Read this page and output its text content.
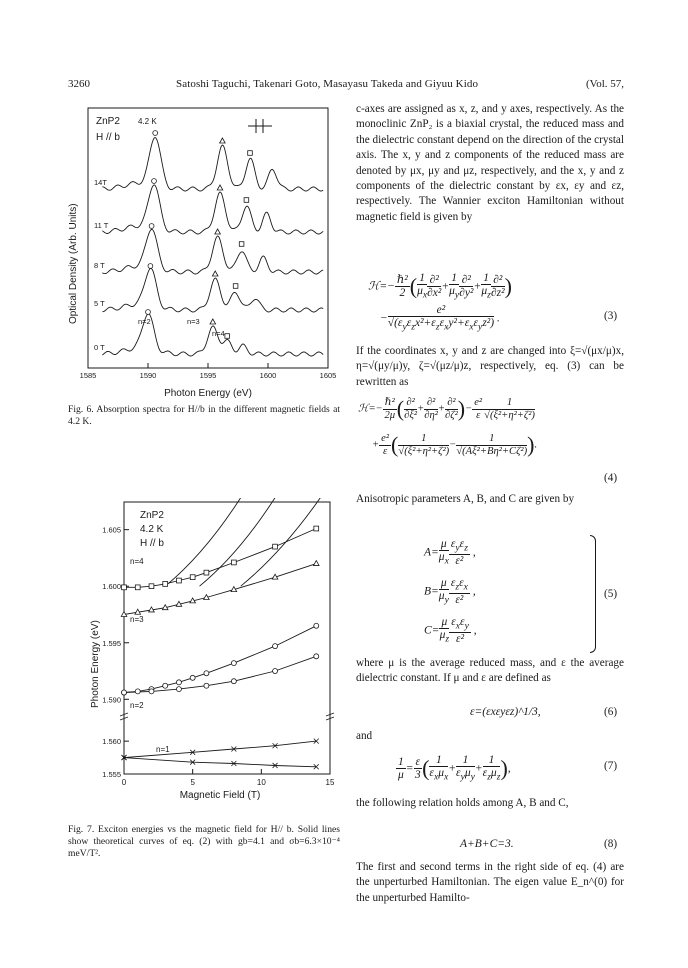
3260	Satoshi Taguchi, Takenari Goto, Masayasu Takeda and Giyuu Kido	(Vol. 57,
ZnP2 4.2 K
H // b
Optical Density (Arb. Units)
1585	1590	1595	1600	1605
14T
11 T
8 T
5 T
0 T
n=2	n=3
n=4
Photon Energy (eV)
Fig. 6. Absorption spectra for H//b in the different magnetic fields at 4.2 K.
ZnP2
4.2 K
H // b
Photon Energy (eV)
1.555
1.560
1.590
1.595
1.600
1.605
0	5	10	15
n=4
n=3
n=2
n=1
Magnetic Field (T)
Fig. 7. Exciton energies vs the magnetic field for H// b. Solid lines show theoretical curves of eq. (2) with gb=4.1 and σb=6.3×10⁻⁴ meV/T².
c-axes are assigned as x, z, and y axes, respectively. As the monoclinic ZnP₂ is a biaxial crystal, the reduced mass and the dielectric constant depend on the direction of the crystal axis. The x, y and z components of the reduced mass are denoted by μx, μy and μz, respectively, and the x, y and z components of the dielectric constant by εx, εy and εz, respectively. The Wannier exciton Hamiltonian without magnetic field is given by
ℋ=− $\frac{\text{ℏ²}}{2}$ ( $\frac{1}{\mu_x} \frac{\text{∂²}}{\text{∂x²}} + \frac{1}{\mu_y} \frac{\text{∂²}}{\text{∂y²}} + \frac{1}{\mu_z} \frac{\text{∂²}}{\text{∂z²}}$ )
− $\frac{\text{e²}}{√(\varepsilon_y\varepsilon_zx^2+\varepsilon_z\varepsilon_xy^2+\varepsilon_x\varepsilon_yz^2)}$ .	(3)
If the coordinates x, y and z are changed into ξ=√(μx/μ)x, η=√(μy/μ)y, ζ=√(μz/μ)z, respectively, eq. (3) can be rewritten as
ℋ=− $\frac{\text{ℏ²}}{2\mu}$ ( $\frac{\text{∂²}}{\text{∂ξ²}} + \frac{\text{∂²}}{\text{∂η²}} + \frac{\text{∂²}}{\text{∂ζ²}}$ )− $\frac{\text{e²}}{\varepsilon} \frac{1}{\text{√(ξ²+η²+ζ²)}}$
+ $\frac{\text{e²}}{\varepsilon}$ ( $\frac{1}{\text{√(ξ²+η²+ζ²)}} - \frac{1}{\text{√(Aξ²+Bη²+Cζ²)}}$ ).
(4)
Anisotropic parameters A, B, and C are given by
$A= \frac{\mu}{\mu_x} \frac{\varepsilon_y\varepsilon_z}{\text{ε²}}$ ,
$B= \frac{\mu}{\mu_y} \frac{\varepsilon_z\varepsilon_x}{\text{ε²}}$ ,
$C= \frac{\mu}{\mu_z} \frac{\varepsilon_x\varepsilon_y}{\text{ε²}}$ ,
(5)
where μ is the average reduced mass, and ε the average dielectric constant. If μ and ε are defined as
ε=(εxεyεz)^1/3,	(6)
and
$\frac{1}{\mu} = \frac{\varepsilon}{3}$ ( $\frac{1}{\varepsilon_x\mu_x} + \frac{1}{\varepsilon_y\mu_y} + \frac{1}{\varepsilon_z\mu_z}$ ),	(7)
the following relation holds among A, B and C,
A+B+C=3.	(8)
The first and second terms in the right side of eq. (4) are the unperturbed Hamiltonian. The eigen value E_n^(0) for the unperturbed Hamilto-
